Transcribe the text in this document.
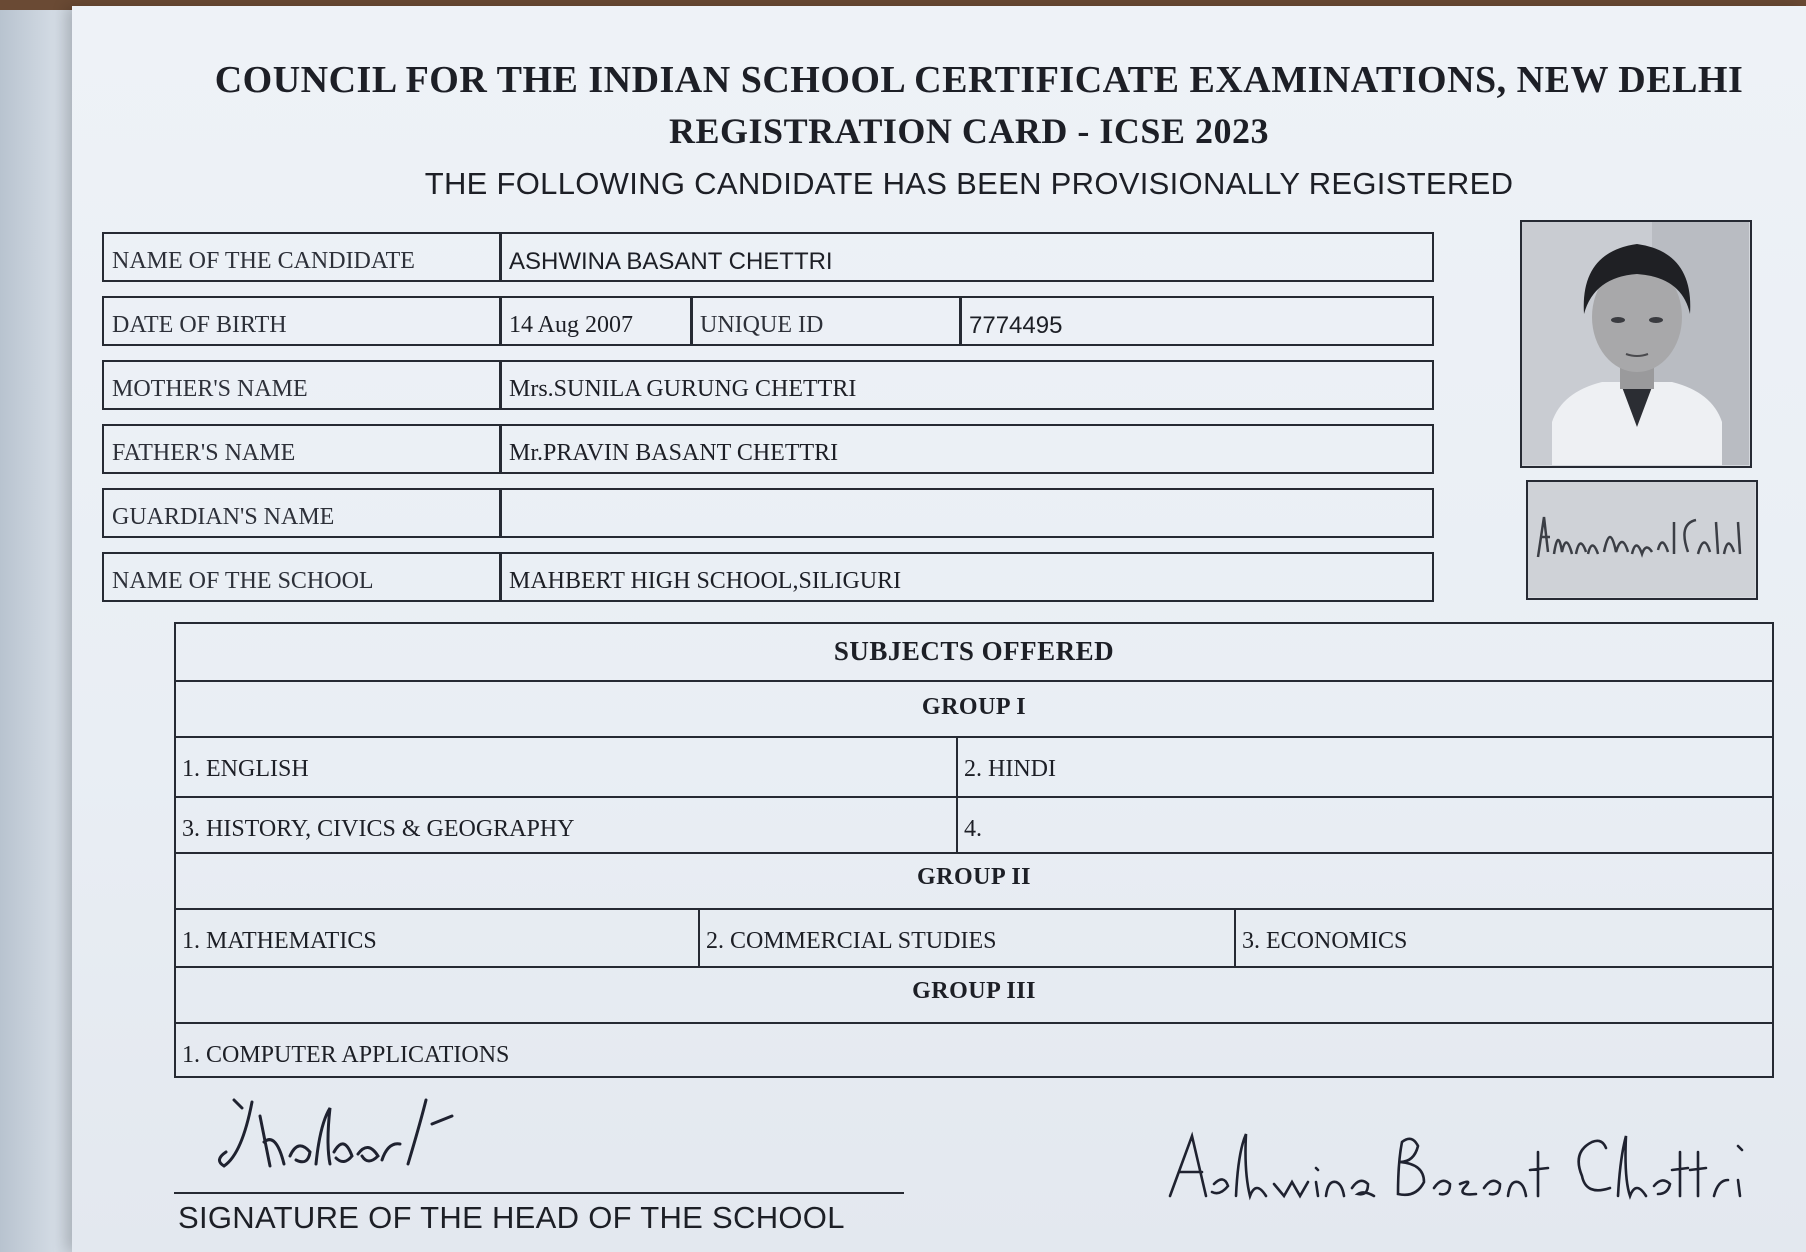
COUNCIL FOR THE INDIAN SCHOOL CERTIFICATE EXAMINATIONS, NEW DELHI
REGISTRATION CARD - ICSE 2023
THE FOLLOWING CANDIDATE HAS BEEN PROVISIONALLY REGISTERED
NAME OF THE CANDIDATE	ASHWINA BASANT CHETTRI
DATE OF BIRTH	14 Aug 2007	UNIQUE ID	7774495
MOTHER'S NAME	Mrs.SUNILA GURUNG CHETTRI
FATHER'S NAME	Mr.PRAVIN BASANT CHETTRI
GUARDIAN'S NAME
NAME OF THE SCHOOL	MAHBERT HIGH SCHOOL,SILIGURI
SUBJECTS OFFERED
GROUP I
1. ENGLISH	2. HINDI
3. HISTORY, CIVICS & GEOGRAPHY	4.
GROUP II
1. MATHEMATICS	2. COMMERCIAL STUDIES	3. ECONOMICS
GROUP III
1. COMPUTER APPLICATIONS
SIGNATURE OF THE HEAD OF THE SCHOOL
